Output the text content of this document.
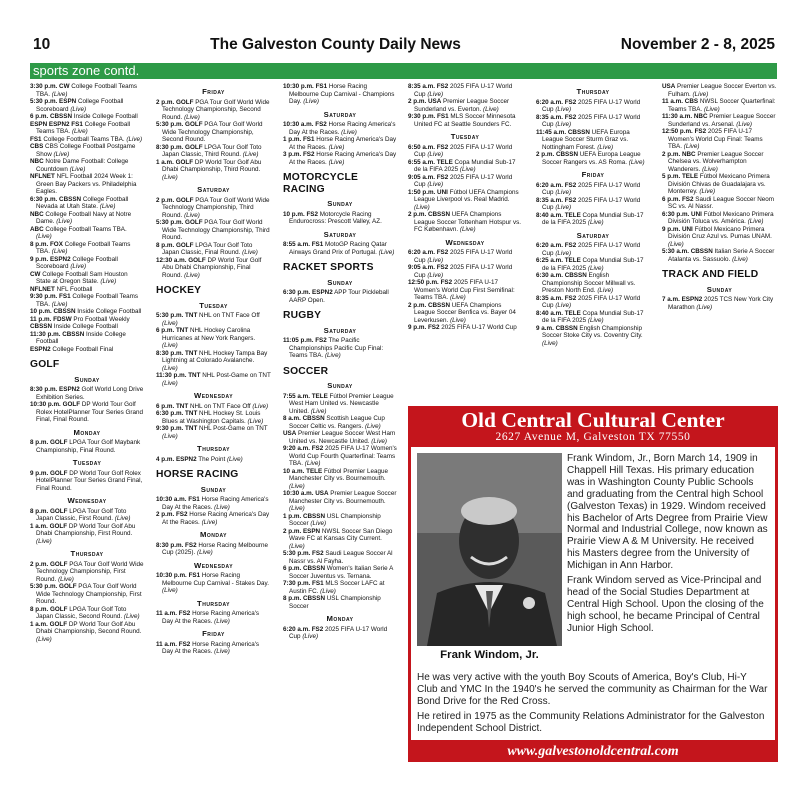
10	The Galveston County Daily News	November 2 - 8, 2025
sports zone contd.

3:30 p.m. CW College Football Teams TBA. (Live)

5:30 p.m. ESPN College Football Scoreboard (Live)

6 p.m. CBSSN Inside College Football

ESPN ESPN2 FS1 College Football Teams TBA. (Live)

FS1 College Football Teams TBA. (Live)

CBS CBS College Football Postgame Show (Live)

NBC Notre Dame Football: College Countdown (Live)

NFLNET NFL Football 2024 Week 1: Green Bay Packers vs. Philadelphia Eagles.

6:30 p.m. CBSSN College Football Nevada at Utah State. (Live)

NBC College Football Navy at Notre Dame. (Live)

ABC College Football Teams TBA. (Live)

8 p.m. FOX College Football Teams TBA. (Live)

9 p.m. ESPN2 College Football Scoreboard (Live)

CW College Football Sam Houston State at Oregon State. (Live)

NFLNET NFL Football

9:30 p.m. FS1 College Football Teams TBA. (Live)

10 p.m. CBSSN Inside College Football

11 p.m. FDSW Pro Football Weekly

CBSSN Inside College Football

11:30 p.m. CBSSN Inside College Football

ESPN2 College Football Final

GOLF
Sunday

8:30 p.m. ESPN2 Golf World Long Drive Exhibition Series.

10:30 p.m. GOLF DP World Tour Golf Rolex HotelPlanner Tour Series Grand Final, Final Round.

Monday

8 p.m. GOLF LPGA Tour Golf Maybank Championship, Final Round.

Tuesday

9 p.m. GOLF DP World Tour Golf Rolex HotelPlanner Tour Series Grand Final, Final Round.

Wednesday

8 p.m. GOLF LPGA Tour Golf Toto Japan Classic, First Round. (Live)

1 a.m. GOLF DP World Tour Golf Abu Dhabi Championship, First Round. (Live)

Thursday

2 p.m. GOLF PGA Tour Golf World Wide Technology Championship, First Round. (Live)

5:30 p.m. GOLF PGA Tour Golf World Wide Technology Championship, First Round.

8 p.m. GOLF LPGA Tour Golf Toto Japan Classic, Second Round. (Live)

1 a.m. GOLF DP World Tour Golf Abu Dhabi Championship, Second Round. (Live)

Friday

2 p.m. GOLF PGA Tour Golf World Wide Technology Championship, Second Round. (Live)

5:30 p.m. GOLF PGA Tour Golf World Wide Technology Championship, Second Round.

8:30 p.m. GOLF LPGA Tour Golf Toto Japan Classic, Third Round. (Live)

1 a.m. GOLF DP World Tour Golf Abu Dhabi Championship, Third Round. (Live)

Saturday

2 p.m. GOLF PGA Tour Golf World Wide Technology Championship, Third Round. (Live)

5:30 p.m. GOLF PGA Tour Golf World Wide Technology Championship, Third Round.

8 p.m. GOLF LPGA Tour Golf Toto Japan Classic, Final Round. (Live)

12:30 a.m. GOLF DP World Tour Golf Abu Dhabi Championship, Final Round. (Live)

HOCKEY
Tuesday

5:30 p.m. TNT NHL on TNT Face Off (Live)

6 p.m. TNT NHL Hockey Carolina Hurricanes at New York Rangers. (Live)

8:30 p.m. TNT NHL Hockey Tampa Bay Lightning at Colorado Avalanche. (Live)

11:30 p.m. TNT NHL Post-Game on TNT (Live)

Wednesday

6 p.m. TNT NHL on TNT Face Off (Live)

6:30 p.m. TNT NHL Hockey St. Louis Blues at Washington Capitals. (Live)

9:30 p.m. TNT NHL Post-Game on TNT (Live)

Thursday

4 p.m. ESPN2 The Point (Live)

HORSE RACING
Sunday

10:30 a.m. FS1 Horse Racing America's Day At the Races. (Live)

2 p.m. FS2 Horse Racing America's Day At the Races. (Live)

Monday

8:30 p.m. FS2 Horse Racing Melbourne Cup (2025). (Live)

Wednesday

10:30 p.m. FS1 Horse Racing Melbourne Cup Carnival - Stakes Day. (Live)

Thursday

11 a.m. FS2 Horse Racing America's Day At the Races. (Live)

Friday

11 a.m. FS2 Horse Racing America's Day At the Races. (Live)

10:30 p.m. FS1 Horse Racing Melbourne Cup Carnival - Champions Day. (Live)

Saturday

10:30 a.m. FS2 Horse Racing America's Day At the Races. (Live)

1 p.m. FS1 Horse Racing America's Day At the Races. (Live)

3 p.m. FS2 Horse Racing America's Day At the Races. (Live)

MOTORCYCLE RACING
Sunday

10 p.m. FS2 Motorcycle Racing Endurocross: Prescott Valley, AZ.

Saturday

8:55 a.m. FS1 MotoGP Racing Qatar Airways Grand Prix of Portugal. (Live)

RACKET SPORTS
Sunday

6:30 p.m. ESPN2 APP Tour Pickleball AARP Open.

RUGBY
Saturday

11:05 p.m. FS2 The Pacific Championships Pacific Cup Final: Teams TBA. (Live)

SOCCER
Sunday

7:55 a.m. TELE Fútbol Premier League West Ham United vs. Newcastle United. (Live)

8 a.m. CBSSN Scottish League Cup Soccer Celtic vs. Rangers. (Live)

USA Premier League Soccer West Ham United vs. Newcastle United. (Live)

9:20 a.m. FS2 2025 FIFA U-17 Women's World Cup Fourth Quarterfinal: Teams TBA. (Live)

10 a.m. TELE Fútbol Premier League Manchester City vs. Bournemouth. (Live)

10:30 a.m. USA Premier League Soccer Manchester City vs. Bournemouth. (Live)

1 p.m. CBSSN USL Championship Soccer (Live)

2 p.m. ESPN NWSL Soccer San Diego Wave FC at Kansas City Current. (Live)

5:30 p.m. FS2 Saudi League Soccer Al Nassr vs. Al Fayha.

6 p.m. CBSSN Women's Italian Serie A Soccer Juventus vs. Ternana.

7:30 p.m. FS1 MLS Soccer LAFC at Austin FC. (Live)

8 p.m. CBSSN USL Championship Soccer

Monday

6:20 a.m. FS2 2025 FIFA U-17 World Cup (Live)

8:35 a.m. FS2 2025 FIFA U-17 World Cup (Live)

2 p.m. USA Premier League Soccer Sunderland vs. Everton. (Live)

9:30 p.m. FS1 MLS Soccer Minnesota United FC at Seattle Sounders FC.

Tuesday

6:50 a.m. FS2 2025 FIFA U-17 World Cup (Live)

6:55 a.m. TELE Copa Mundial Sub-17 de la FIFA 2025 (Live)

9:05 a.m. FS2 2025 FIFA U-17 World Cup (Live)

1:50 p.m. UNI Fútbol UEFA Champions League Liverpool vs. Real Madrid. (Live)

2 p.m. CBSSN UEFA Champions League Soccer Tottenham Hotspur vs. FC København. (Live)

Wednesday

6:20 a.m. FS2 2025 FIFA U-17 World Cup (Live)

9:05 a.m. FS2 2025 FIFA U-17 World Cup (Live)

12:50 p.m. FS2 2025 FIFA U-17 Women's World Cup First Semifinal: Teams TBA. (Live)

2 p.m. CBSSN UEFA Champions League Soccer Benfica vs. Bayer 04 Leverkusen. (Live)

9 p.m. FS2 2025 FIFA U-17 World Cup

Thursday

6:20 a.m. FS2 2025 FIFA U-17 World Cup (Live)

8:35 a.m. FS2 2025 FIFA U-17 World Cup (Live)

11:45 a.m. CBSSN UEFA Europa League Soccer Sturm Graz vs. Nottingham Forest. (Live)

2 p.m. CBSSN UEFA Europa League Soccer Rangers vs. AS Roma. (Live)

Friday

6:20 a.m. FS2 2025 FIFA U-17 World Cup (Live)

8:35 a.m. FS2 2025 FIFA U-17 World Cup (Live)

8:40 a.m. TELE Copa Mundial Sub-17 de la FIFA 2025 (Live)

Saturday

6:20 a.m. FS2 2025 FIFA U-17 World Cup (Live)

6:25 a.m. TELE Copa Mundial Sub-17 de la FIFA 2025 (Live)

6:30 a.m. CBSSN English Championship Soccer Millwall vs. Preston North End. (Live)

8:35 a.m. FS2 2025 FIFA U-17 World Cup (Live)

8:40 a.m. TELE Copa Mundial Sub-17 de la FIFA 2025 (Live)

9 a.m. CBSSN English Championship Soccer Stoke City vs. Coventry City. (Live)

USA Premier League Soccer Everton vs. Fulham. (Live)

11 a.m. CBS NWSL Soccer Quarterfinal: Teams TBA. (Live)

11:30 a.m. NBC Premier League Soccer Sunderland vs. Arsenal. (Live)

12:50 p.m. FS2 2025 FIFA U-17 Women's World Cup Final: Teams TBA. (Live)

2 p.m. NBC Premier League Soccer Chelsea vs. Wolverhampton Wanderers. (Live)

5 p.m. TELE Fútbol Mexicano Primera División Chivas de Guadalajara vs. Monterrey. (Live)

6 p.m. FS2 Saudi League Soccer Neom SC vs. Al Nassr.

6:30 p.m. UNI Fútbol Mexicano Primera División Toluca vs. América. (Live)

9 p.m. UNI Fútbol Mexicano Primera División Cruz Azul vs. Pumas UNAM. (Live)

5:30 a.m. CBSSN Italian Serie A Soccer Atalanta vs. Sassuolo. (Live)

TRACK AND FIELD
Sunday

7 a.m. ESPN2 2025 TCS New York City Marathon (Live)

Old Central Cultural Center
2627 Avenue M, Galveston TX 77550
Frank Windom, Jr.

Frank Windom, Jr., Born March 14, 1909 in Chappell Hill Texas. His primary education was in Washington County Public Schools and graduating from the Central high School (Galveston Texas) in 1929. Windom received his Bachelor of Arts Degree from Prairie View Normal and Industrial College, now known as Prairie View A & M University. He received his Masters degree from the University of Michigan in Ann Harbor.

Frank Windom served as Vice-Principal and head of the Social Studies Department at Central High School. Upon the closing of the high school, he became Principal of Central Junior High School.

He was very active with the youth Boy Scouts of America, Boy's Club, Hi-Y Club and YMC In the 1940's he served the community as Chairman for the War Bond Drive for the Red Cross.

He retired in 1975 as the Community Relations Administrator for the Galveston Independent School District.

www.galvestonoldcentral.com
